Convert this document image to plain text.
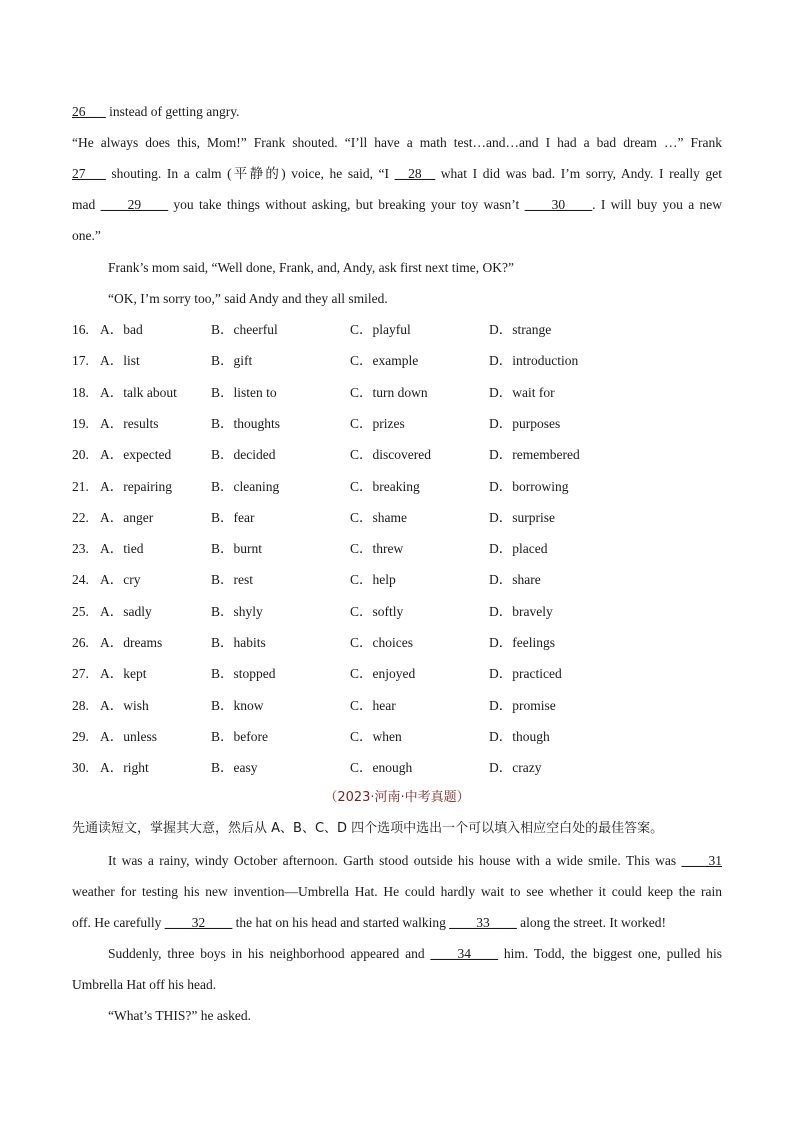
26___ instead of getting angry.
“He always does this, Mom!” Frank shouted. “I’ll have a math test…and…and I had a bad dream …” Frank
27___ shouting. In a calm (平静的) voice, he said, “I __28__ what I did was bad. I’m sorry, Andy. I really get
mad ____29____ you take things without asking, but breaking your toy wasn’t ____30____. I will buy you a new
one.”
Frank’s mom said, “Well done, Frank, and, Andy, ask first next time, OK?”
“OK, I’m sorry too,” said Andy and they all smiled.
16. A．bad	B．cheerful	C．playful	D．strange
17. A．list	B．gift	C．example	D．introduction
18. A．talk about	B．listen to	C．turn down	D．wait for
19. A．results	B．thoughts	C．prizes	D．purposes
20. A．expected	B．decided	C．discovered	D．remembered
21. A．repairing	B．cleaning	C．breaking	D．borrowing
22. A．anger	B．fear	C．shame	D．surprise
23. A．tied	B．burnt	C．threw	D．placed
24. A．cry	B．rest	C．help	D．share
25. A．sadly	B．shyly	C．softly	D．bravely
26. A．dreams	B．habits	C．choices	D．feelings
27. A．kept	B．stopped	C．enjoyed	D．practiced
28. A．wish	B．know	C．hear	D．promise
29. A．unless	B．before	C．when	D．though
30. A．right	B．easy	C．enough	D．crazy
（2023·河南·中考真题）
先通读短文，掌握其大意，然后从 A、B、C、D 四个选项中选出一个可以填入相应空白处的最佳答案。
It was a rainy, windy October afternoon. Garth stood outside his house with a wide smile. This was ____31
weather for testing his new invention—Umbrella Hat. He could hardly wait to see whether it could keep the rain
off. He carefully ____32____ the hat on his head and started walking ____33____ along the street. It worked!
Suddenly, three boys in his neighborhood appeared and ____34____ him. Todd, the biggest one, pulled his
Umbrella Hat off his head.
“What’s THIS?” he asked.
